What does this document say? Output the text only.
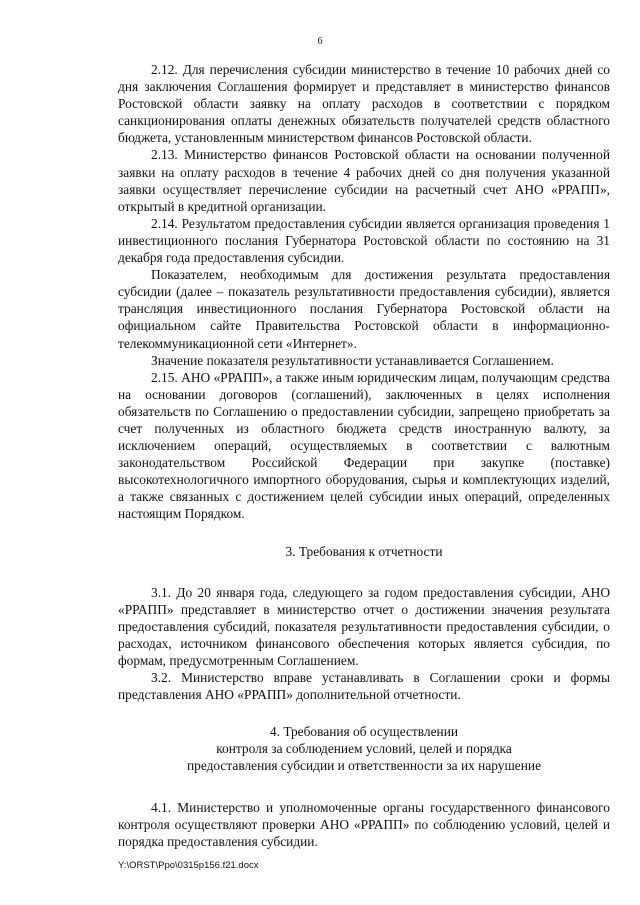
6

2.12. Для перечисления субсидии министерство в течение 10 рабочих дней со дня заключения Соглашения формирует и представляет в министерство финансов Ростовской области заявку на оплату расходов в соответствии с порядком санкционирования оплаты денежных обязательств получателей средств областного бюджета, установленным министерством финансов Ростовской области.

2.13. Министерство финансов Ростовской области на основании полученной заявки на оплату расходов в течение 4 рабочих дней со дня получения указанной заявки осуществляет перечисление субсидии на расчетный счет АНО «РРАПП», открытый в кредитной организации.

2.14. Результатом предоставления субсидии является организация проведения 1 инвестиционного послания Губернатора Ростовской области по состоянию на 31 декабря года предоставления субсидии.

Показателем, необходимым для достижения результата предоставления субсидии (далее – показатель результативности предоставления субсидии), является трансляция инвестиционного послания Губернатора Ростовской области на официальном сайте Правительства Ростовской области в информационно-телекоммуникационной сети «Интернет».

Значение показателя результативности устанавливается Соглашением.

2.15. АНО «РРАПП», а также иным юридическим лицам, получающим средства на основании договоров (соглашений), заключенных в целях исполнения обязательств по Соглашению о предоставлении субсидии, запрещено приобретать за счет полученных из областного бюджета средств иностранную валюту, за исключением операций, осуществляемых в соответствии с валютным законодательством Российской Федерации при закупке (поставке) высокотехнологичного импортного оборудования, сырья и комплектующих изделий, а также связанных с достижением целей субсидии иных операций, определенных настоящим Порядком.

3. Требования к отчетности

3.1. До 20 января года, следующего за годом предоставления субсидии, АНО «РРАПП» представляет в министерство отчет о достижении значения результата предоставления субсидий, показателя результативности предоставления субсидии, о расходах, источником финансового обеспечения которых является субсидия, по формам, предусмотренным Соглашением.

3.2. Министерство вправе устанавливать в Соглашении сроки и формы представления АНО «РРАПП» дополнительной отчетности.

4. Требования об осуществлении
контроля за соблюдением условий, целей и порядка
предоставления субсидии и ответственности за их нарушение

4.1. Министерство и уполномоченные органы государственного финансового контроля осуществляют проверки АНО «РРАПП» по соблюдению условий, целей и порядка предоставления субсидии.

Y:\ORST\Ppo\0315p156.f21.docx
